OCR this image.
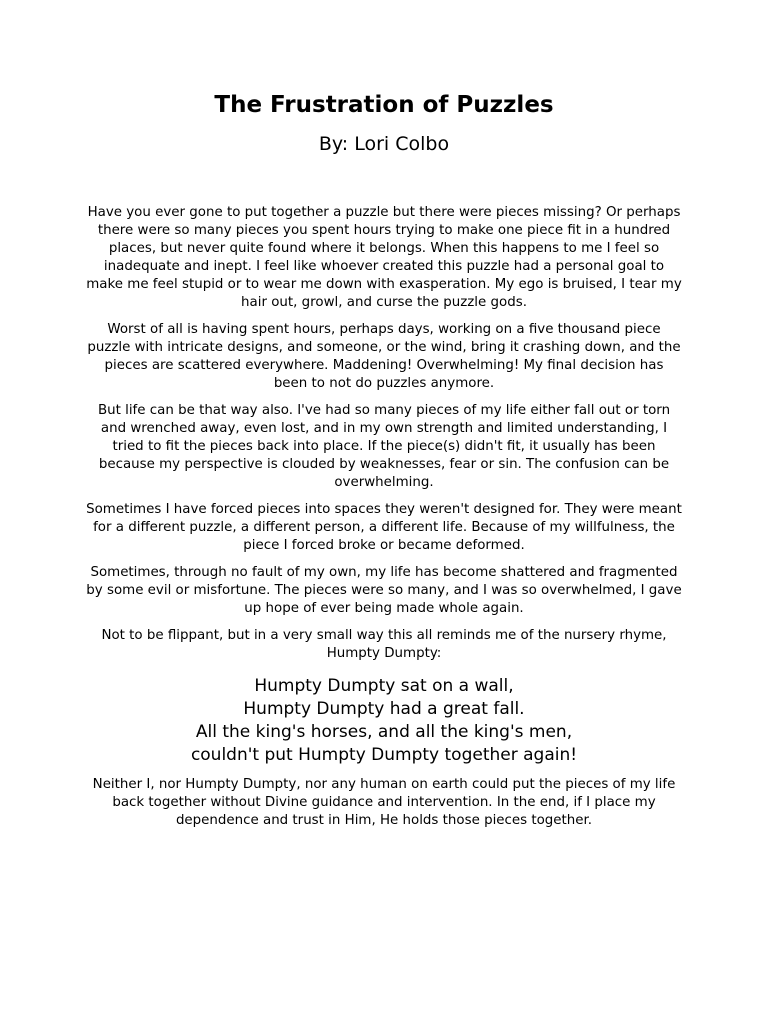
The Frustration of Puzzles
By: Lori Colbo

Have you ever gone to put together a puzzle but there were pieces missing? Or perhaps there were so many pieces you spent hours trying to make one piece fit in a hundred places, but never quite found where it belongs. When this happens to me I feel so inadequate and inept. I feel like whoever created this puzzle had a personal goal to make me feel stupid or to wear me down with exasperation. My ego is bruised, I tear my hair out, growl, and curse the puzzle gods.

Worst of all is having spent hours, perhaps days, working on a five thousand piece puzzle with intricate designs, and someone, or the wind, bring it crashing down, and the pieces are scattered everywhere. Maddening! Overwhelming! My final decision has been to not do puzzles anymore.

But life can be that way also. I've had so many pieces of my life either fall out or torn and wrenched away, even lost, and in my own strength and limited understanding, I tried to fit the pieces back into place. If the piece(s) didn't fit, it usually has been because my perspective is clouded by weaknesses, fear or sin. The confusion can be overwhelming.

Sometimes I have forced pieces into spaces they weren't designed for. They were meant for a different puzzle, a different person, a different life. Because of my willfulness, the piece I forced broke or became deformed.

Sometimes, through no fault of my own, my life has become shattered and fragmented by some evil or misfortune. The pieces were so many, and I was so overwhelmed, I gave up hope of ever being made whole again.

Not to be flippant, but in a very small way this all reminds me of the nursery rhyme, Humpty Dumpty:

Humpty Dumpty sat on a wall,
Humpty Dumpty had a great fall.
All the king's horses, and all the king's men,
couldn't put Humpty Dumpty together again!

Neither I, nor Humpty Dumpty, nor any human on earth could put the pieces of my life back together without Divine guidance and intervention. In the end, if I place my dependence and trust in Him, He holds those pieces together.
